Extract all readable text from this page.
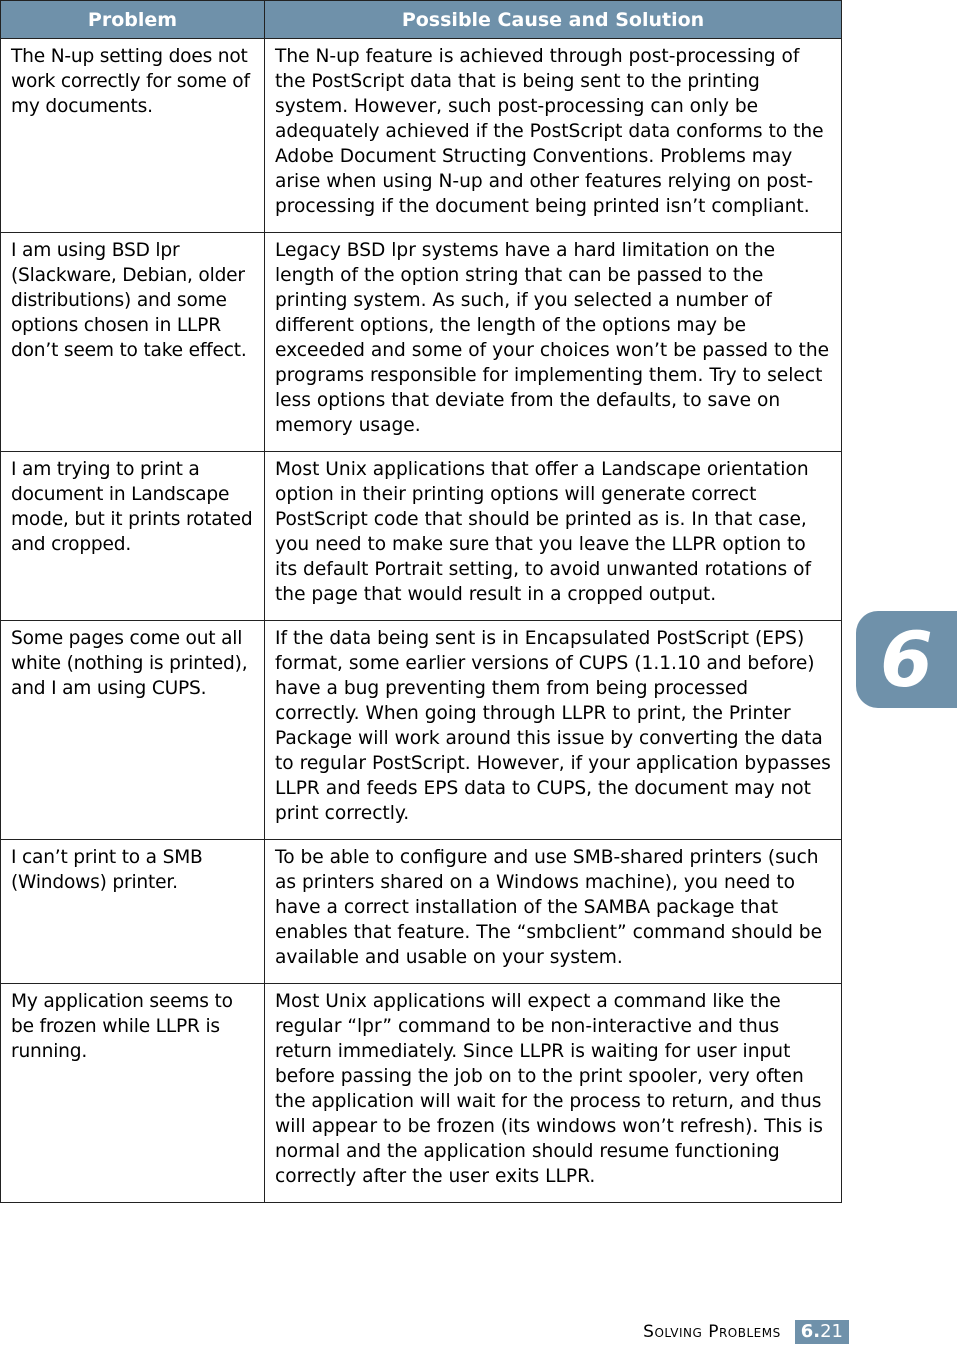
Problem	Possible Cause and Solution
The N-up setting does not work correctly for some of my documents.	The N-up feature is achieved through post-processing of the PostScript data that is being sent to the printing system. However, such post-processing can only be adequately achieved if the PostScript data conforms to the Adobe Document Structing Conventions. Problems may arise when using N-up and other features relying on post-processing if the document being printed isn’t compliant.
I am using BSD lpr (Slackware, Debian, older distributions) and some options chosen in LLPR don’t seem to take effect.	Legacy BSD lpr systems have a hard limitation on the length of the option string that can be passed to the printing system. As such, if you selected a number of different options, the length of the options may be exceeded and some of your choices won’t be passed to the programs responsible for implementing them. Try to select less options that deviate from the defaults, to save on memory usage.
I am trying to print a document in Landscape mode, but it prints rotated and cropped.	Most Unix applications that offer a Landscape orientation option in their printing options will generate correct PostScript code that should be printed as is. In that case, you need to make sure that you leave the LLPR option to its default Portrait setting, to avoid unwanted rotations of the page that would result in a cropped output.
Some pages come out all white (nothing is printed), and I am using CUPS.	If the data being sent is in Encapsulated PostScript (EPS) format, some earlier versions of CUPS (1.1.10 and before) have a bug preventing them from being processed correctly. When going through LLPR to print, the Printer Package will work around this issue by converting the data to regular PostScript. However, if your application bypasses LLPR and feeds EPS data to CUPS, the document may not print correctly.
I can’t print to a SMB (Windows) printer.	To be able to configure and use SMB-shared printers (such as printers shared on a Windows machine), you need to have a correct installation of the SAMBA package that enables that feature. The “smbclient” command should be available and usable on your system.
My application seems to be frozen while LLPR is running.	Most Unix applications will expect a command like the regular “lpr” command to be non-interactive and thus return immediately. Since LLPR is waiting for user input before passing the job on to the print spooler, very often the application will wait for the process to return, and thus will appear to be frozen (its windows won’t refresh). This is normal and the application should resume functioning correctly after the user exits LLPR.
6
Solving Problems	6.21
